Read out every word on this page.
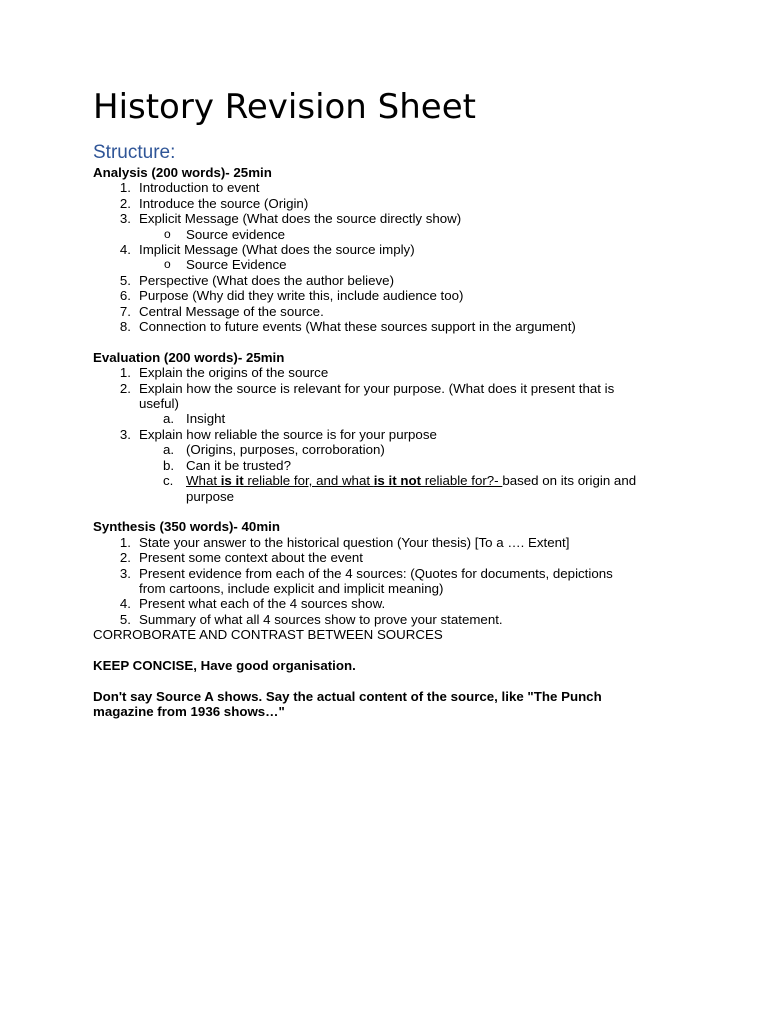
History Revision Sheet
Structure:
Analysis (200 words)- 25min
1. Introduction to event
2. Introduce the source (Origin)
3. Explicit Message (What does the source directly show)
o Source evidence
4. Implicit Message (What does the source imply)
o Source Evidence
5. Perspective (What does the author believe)
6. Purpose (Why did they write this, include audience too)
7. Central Message of the source.
8. Connection to future events (What these sources support in the argument)
Evaluation (200 words)- 25min
1. Explain the origins of the source
2. Explain how the source is relevant for your purpose. (What does it present that is
useful)
a. Insight
3. Explain how reliable the source is for your purpose
a. (Origins, purposes, corroboration)
b. Can it be trusted?
c. What is it reliable for, and what is it not reliable for?- based on its origin and
purpose
Synthesis (350 words)- 40min
1. State your answer to the historical question (Your thesis) [To a …. Extent]
2. Present some context about the event
3. Present evidence from each of the 4 sources: (Quotes for documents, depictions
from cartoons, include explicit and implicit meaning)
4. Present what each of the 4 sources show.
5. Summary of what all 4 sources show to prove your statement.
CORROBORATE AND CONTRAST BETWEEN SOURCES
KEEP CONCISE, Have good organisation.
Don't say Source A shows. Say the actual content of the source, like "The Punch
magazine from 1936 shows…"
